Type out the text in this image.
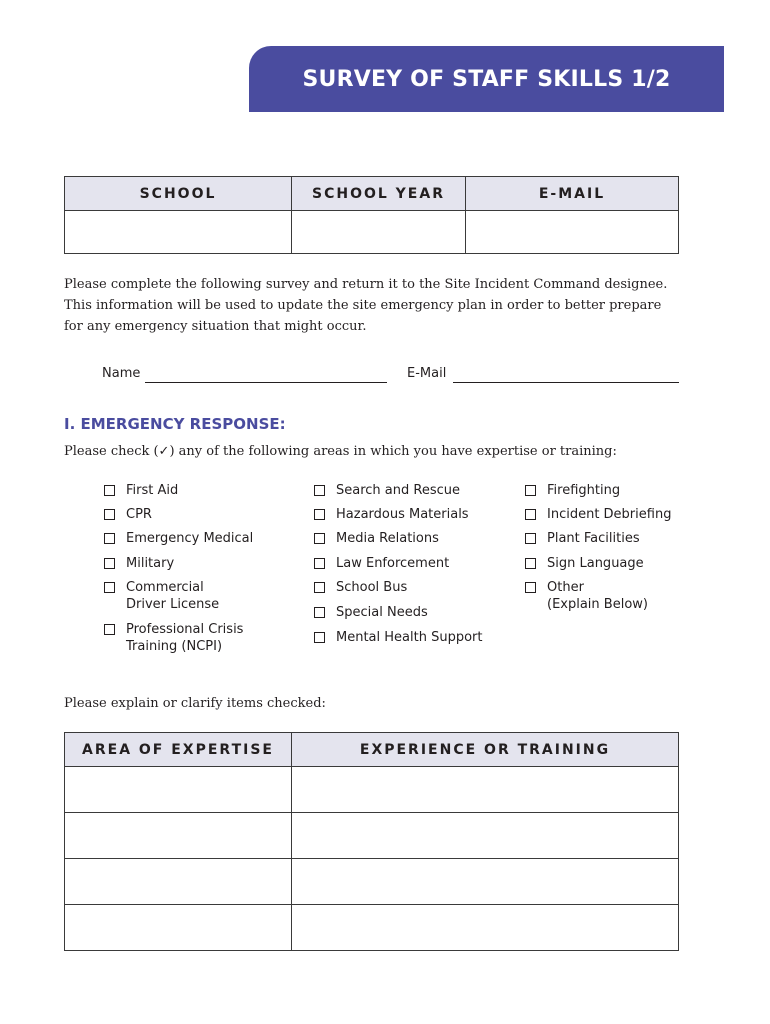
SURVEY OF STAFF SKILLS 1/2
SCHOOL	SCHOOL YEAR	E-MAIL

Please complete the following survey and return it to the Site Incident Command designee.
This information will be used to update the site emergency plan in order to better prepare
for any emergency situation that might occur.
Name	E-Mail
I. EMERGENCY RESPONSE:
Please check (✓) any of the following areas in which you have expertise or training:
First Aid
CPR
Emergency Medical
Military
Commercial
Driver License
Professional Crisis
Training (NCPI)
Search and Rescue
Hazardous Materials
Media Relations
Law Enforcement
School Bus
Special Needs
Mental Health Support
Firefighting
Incident Debriefing
Plant Facilities
Sign Language
Other
(Explain Below)
Please explain or clarify items checked:
AREA OF EXPERTISE	EXPERIENCE OR TRAINING
